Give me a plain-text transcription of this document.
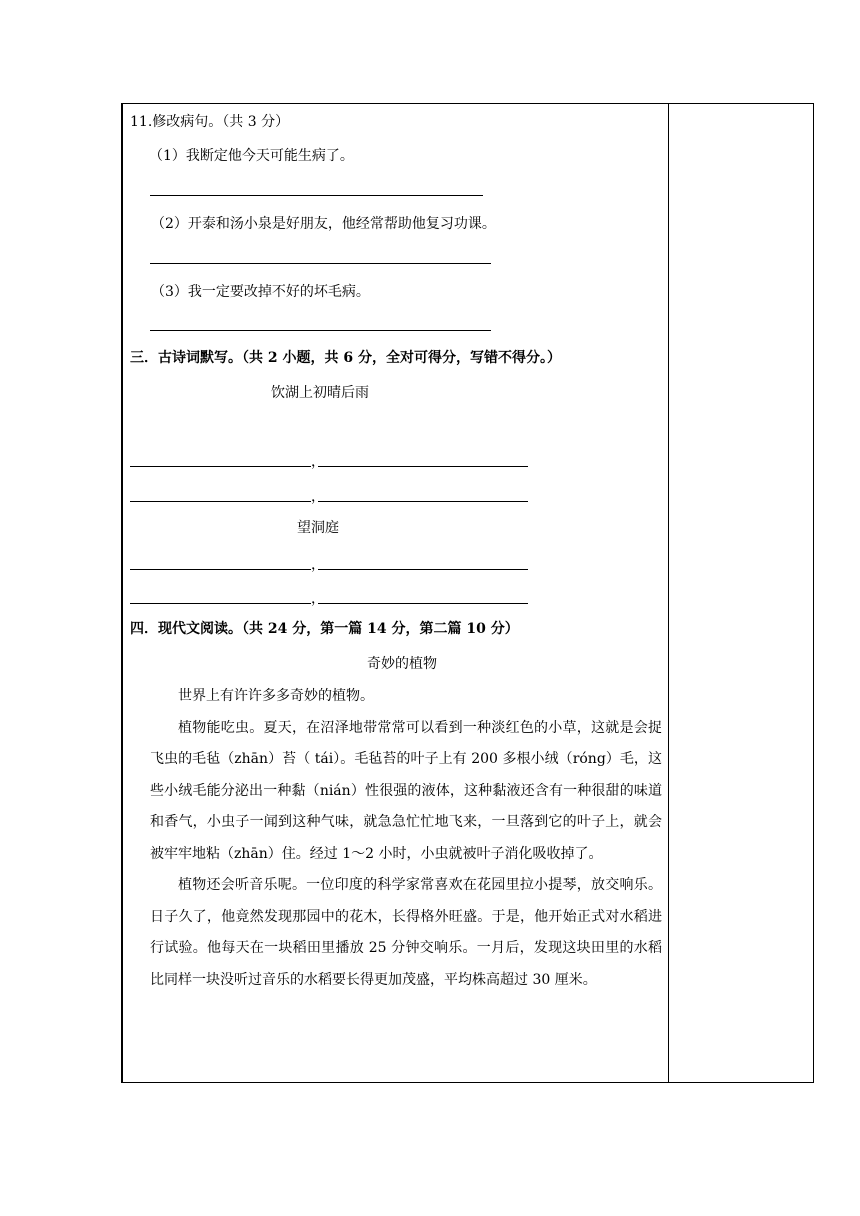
11.修改病句。（共 3 分）
（1）我断定他今天可能生病了。
（2）开泰和汤小泉是好朋友，他经常帮助他复习功课。
（3）我一定要改掉不好的坏毛病。
三．古诗词默写。（共 2 小题，共 6 分，全对可得分，写错不得分。）
饮湖上初晴后雨
，
，
望洞庭
，
，
四．现代文阅读。（共 24 分，第一篇 14 分，第二篇 10 分）
奇妙的植物

世界上有许许多多奇妙的植物。

植物能吃虫。夏天，在沼泽地带常常可以看到一种淡红色的小草，这就是会捉飞虫的毛毡（zhān）苔（ tái）。毛毡苔的叶子上有 200 多根小绒（róng）毛，这些小绒毛能分泌出一种黏（nián）性很强的液体，这种黏液还含有一种很甜的味道和香气，小虫子一闻到这种气味，就急急忙忙地飞来，一旦落到它的叶子上，就会被牢牢地粘（zhān）住。经过 1～2 小时，小虫就被叶子消化吸收掉了。

植物还会听音乐呢。一位印度的科学家常喜欢在花园里拉小提琴，放交响乐。日子久了，他竟然发现那园中的花木，长得格外旺盛。于是，他开始正式对水稻进行试验。他每天在一块稻田里播放 25 分钟交响乐。一月后，发现这块田里的水稻比同样一块没听过音乐的水稻要长得更加茂盛，平均株高超过 30 厘米。
